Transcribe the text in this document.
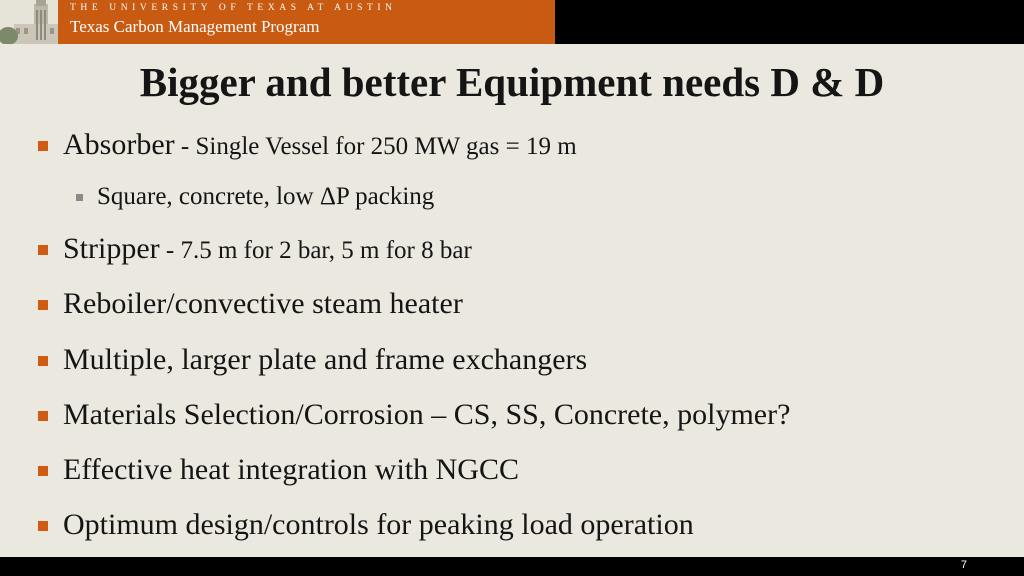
THE UNIVERSITY OF TEXAS AT AUSTIN
Texas Carbon Management Program
Bigger and better Equipment needs D & D
Absorber - Single Vessel for 250 MW gas = 19 m
Square, concrete, low ΔP packing
Stripper - 7.5 m for 2 bar, 5 m for 8 bar
Reboiler/convective steam heater
Multiple, larger plate and frame exchangers
Materials Selection/Corrosion – CS, SS, Concrete, polymer?
Effective heat integration with NGCC
Optimum design/controls for peaking load operation
7
